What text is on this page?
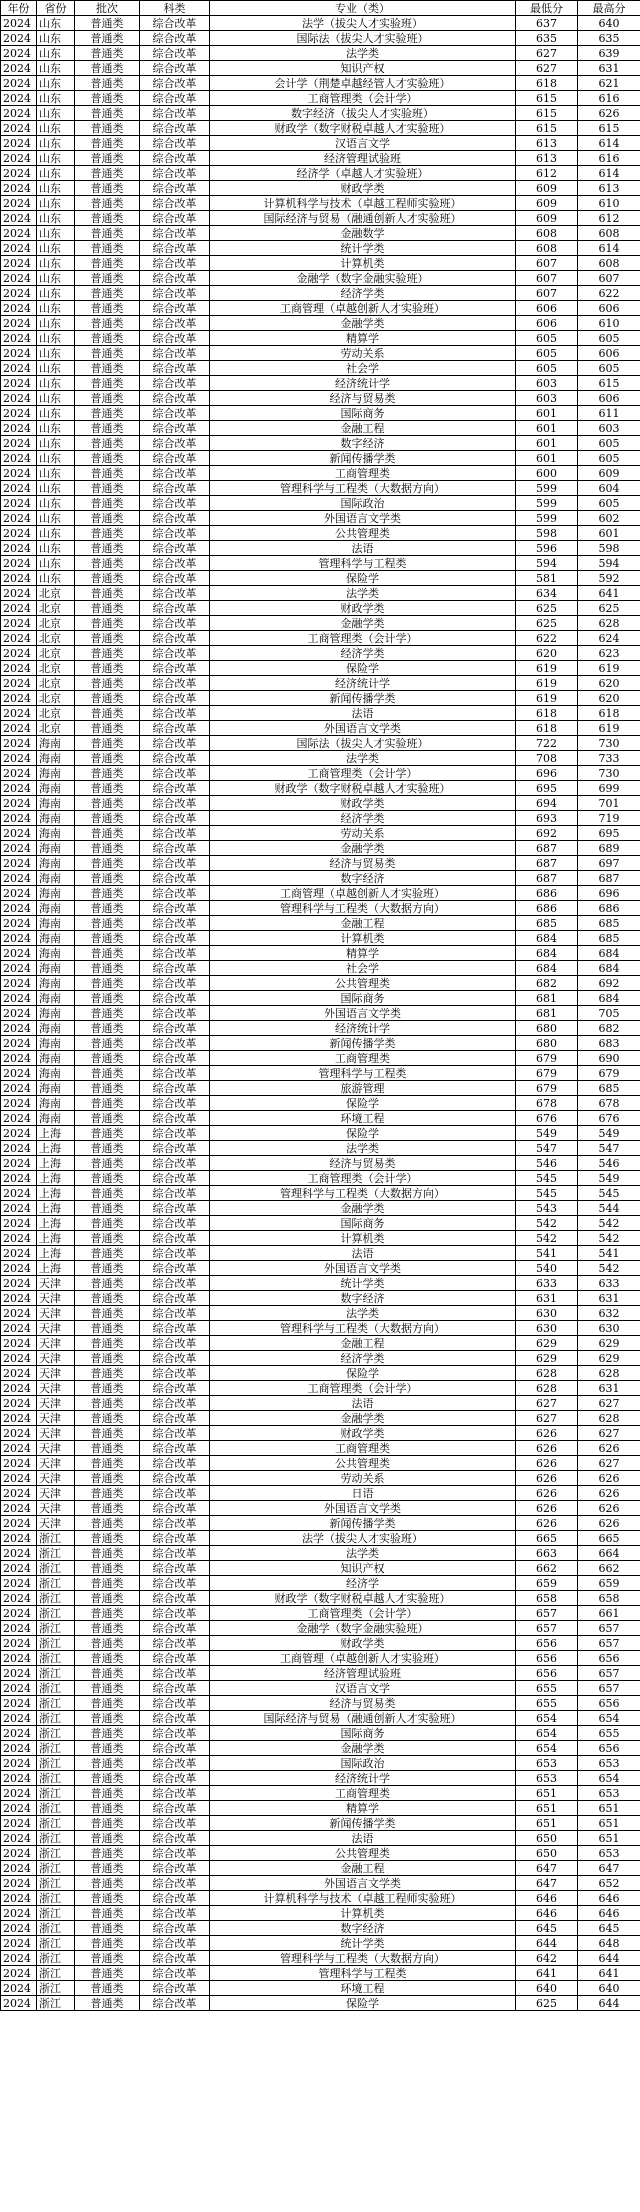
年份	省份	批次	科类	专业（类）	最低分	最高分
2024	山东	普通类	综合改革	法学（拔尖人才实验班）	637	640
2024	山东	普通类	综合改革	国际法（拔尖人才实验班）	635	635
2024	山东	普通类	综合改革	法学类	627	639
2024	山东	普通类	综合改革	知识产权	627	631
2024	山东	普通类	综合改革	会计学（荆楚卓越经管人才实验班）	618	621
2024	山东	普通类	综合改革	工商管理类（会计学）	615	616
2024	山东	普通类	综合改革	数字经济（拔尖人才实验班）	615	626
2024	山东	普通类	综合改革	财政学（数字财税卓越人才实验班）	615	615
2024	山东	普通类	综合改革	汉语言文学	613	614
2024	山东	普通类	综合改革	经济管理试验班	613	616
2024	山东	普通类	综合改革	经济学（卓越人才实验班）	612	614
2024	山东	普通类	综合改革	财政学类	609	613
2024	山东	普通类	综合改革	计算机科学与技术（卓越工程师实验班）	609	610
2024	山东	普通类	综合改革	国际经济与贸易（融通创新人才实验班）	609	612
2024	山东	普通类	综合改革	金融数学	608	608
2024	山东	普通类	综合改革	统计学类	608	614
2024	山东	普通类	综合改革	计算机类	607	608
2024	山东	普通类	综合改革	金融学（数字金融实验班）	607	607
2024	山东	普通类	综合改革	经济学类	607	622
2024	山东	普通类	综合改革	工商管理（卓越创新人才实验班）	606	606
2024	山东	普通类	综合改革	金融学类	606	610
2024	山东	普通类	综合改革	精算学	605	605
2024	山东	普通类	综合改革	劳动关系	605	606
2024	山东	普通类	综合改革	社会学	605	605
2024	山东	普通类	综合改革	经济统计学	603	615
2024	山东	普通类	综合改革	经济与贸易类	603	606
2024	山东	普通类	综合改革	国际商务	601	611
2024	山东	普通类	综合改革	金融工程	601	603
2024	山东	普通类	综合改革	数字经济	601	605
2024	山东	普通类	综合改革	新闻传播学类	601	605
2024	山东	普通类	综合改革	工商管理类	600	609
2024	山东	普通类	综合改革	管理科学与工程类（大数据方向）	599	604
2024	山东	普通类	综合改革	国际政治	599	605
2024	山东	普通类	综合改革	外国语言文学类	599	602
2024	山东	普通类	综合改革	公共管理类	598	601
2024	山东	普通类	综合改革	法语	596	598
2024	山东	普通类	综合改革	管理科学与工程类	594	594
2024	山东	普通类	综合改革	保险学	581	592
2024	北京	普通类	综合改革	法学类	634	641
2024	北京	普通类	综合改革	财政学类	625	625
2024	北京	普通类	综合改革	金融学类	625	628
2024	北京	普通类	综合改革	工商管理类（会计学）	622	624
2024	北京	普通类	综合改革	经济学类	620	623
2024	北京	普通类	综合改革	保险学	619	619
2024	北京	普通类	综合改革	经济统计学	619	620
2024	北京	普通类	综合改革	新闻传播学类	619	620
2024	北京	普通类	综合改革	法语	618	618
2024	北京	普通类	综合改革	外国语言文学类	618	619
2024	海南	普通类	综合改革	国际法（拔尖人才实验班）	722	730
2024	海南	普通类	综合改革	法学类	708	733
2024	海南	普通类	综合改革	工商管理类（会计学）	696	730
2024	海南	普通类	综合改革	财政学（数字财税卓越人才实验班）	695	699
2024	海南	普通类	综合改革	财政学类	694	701
2024	海南	普通类	综合改革	经济学类	693	719
2024	海南	普通类	综合改革	劳动关系	692	695
2024	海南	普通类	综合改革	金融学类	687	689
2024	海南	普通类	综合改革	经济与贸易类	687	697
2024	海南	普通类	综合改革	数字经济	687	687
2024	海南	普通类	综合改革	工商管理（卓越创新人才实验班）	686	696
2024	海南	普通类	综合改革	管理科学与工程类（大数据方向）	686	686
2024	海南	普通类	综合改革	金融工程	685	685
2024	海南	普通类	综合改革	计算机类	684	685
2024	海南	普通类	综合改革	精算学	684	684
2024	海南	普通类	综合改革	社会学	684	684
2024	海南	普通类	综合改革	公共管理类	682	692
2024	海南	普通类	综合改革	国际商务	681	684
2024	海南	普通类	综合改革	外国语言文学类	681	705
2024	海南	普通类	综合改革	经济统计学	680	682
2024	海南	普通类	综合改革	新闻传播学类	680	683
2024	海南	普通类	综合改革	工商管理类	679	690
2024	海南	普通类	综合改革	管理科学与工程类	679	679
2024	海南	普通类	综合改革	旅游管理	679	685
2024	海南	普通类	综合改革	保险学	678	678
2024	海南	普通类	综合改革	环境工程	676	676
2024	上海	普通类	综合改革	保险学	549	549
2024	上海	普通类	综合改革	法学类	547	547
2024	上海	普通类	综合改革	经济与贸易类	546	546
2024	上海	普通类	综合改革	工商管理类（会计学）	545	549
2024	上海	普通类	综合改革	管理科学与工程类（大数据方向）	545	545
2024	上海	普通类	综合改革	金融学类	543	544
2024	上海	普通类	综合改革	国际商务	542	542
2024	上海	普通类	综合改革	计算机类	542	542
2024	上海	普通类	综合改革	法语	541	541
2024	上海	普通类	综合改革	外国语言文学类	540	542
2024	天津	普通类	综合改革	统计学类	633	633
2024	天津	普通类	综合改革	数字经济	631	631
2024	天津	普通类	综合改革	法学类	630	632
2024	天津	普通类	综合改革	管理科学与工程类（大数据方向）	630	630
2024	天津	普通类	综合改革	金融工程	629	629
2024	天津	普通类	综合改革	经济学类	629	629
2024	天津	普通类	综合改革	保险学	628	628
2024	天津	普通类	综合改革	工商管理类（会计学）	628	631
2024	天津	普通类	综合改革	法语	627	627
2024	天津	普通类	综合改革	金融学类	627	628
2024	天津	普通类	综合改革	财政学类	626	627
2024	天津	普通类	综合改革	工商管理类	626	626
2024	天津	普通类	综合改革	公共管理类	626	627
2024	天津	普通类	综合改革	劳动关系	626	626
2024	天津	普通类	综合改革	日语	626	626
2024	天津	普通类	综合改革	外国语言文学类	626	626
2024	天津	普通类	综合改革	新闻传播学类	626	626
2024	浙江	普通类	综合改革	法学（拔尖人才实验班）	665	665
2024	浙江	普通类	综合改革	法学类	663	664
2024	浙江	普通类	综合改革	知识产权	662	662
2024	浙江	普通类	综合改革	经济学	659	659
2024	浙江	普通类	综合改革	财政学（数字财税卓越人才实验班）	658	658
2024	浙江	普通类	综合改革	工商管理类（会计学）	657	661
2024	浙江	普通类	综合改革	金融学（数字金融实验班）	657	657
2024	浙江	普通类	综合改革	财政学类	656	657
2024	浙江	普通类	综合改革	工商管理（卓越创新人才实验班）	656	656
2024	浙江	普通类	综合改革	经济管理试验班	656	657
2024	浙江	普通类	综合改革	汉语言文学	655	657
2024	浙江	普通类	综合改革	经济与贸易类	655	656
2024	浙江	普通类	综合改革	国际经济与贸易（融通创新人才实验班）	654	654
2024	浙江	普通类	综合改革	国际商务	654	655
2024	浙江	普通类	综合改革	金融学类	654	656
2024	浙江	普通类	综合改革	国际政治	653	653
2024	浙江	普通类	综合改革	经济统计学	653	654
2024	浙江	普通类	综合改革	工商管理类	651	653
2024	浙江	普通类	综合改革	精算学	651	651
2024	浙江	普通类	综合改革	新闻传播学类	651	651
2024	浙江	普通类	综合改革	法语	650	651
2024	浙江	普通类	综合改革	公共管理类	650	653
2024	浙江	普通类	综合改革	金融工程	647	647
2024	浙江	普通类	综合改革	外国语言文学类	647	652
2024	浙江	普通类	综合改革	计算机科学与技术（卓越工程师实验班）	646	646
2024	浙江	普通类	综合改革	计算机类	646	646
2024	浙江	普通类	综合改革	数字经济	645	645
2024	浙江	普通类	综合改革	统计学类	644	648
2024	浙江	普通类	综合改革	管理科学与工程类（大数据方向）	642	644
2024	浙江	普通类	综合改革	管理科学与工程类	641	641
2024	浙江	普通类	综合改革	环境工程	640	640
2024	浙江	普通类	综合改革	保险学	625	644
